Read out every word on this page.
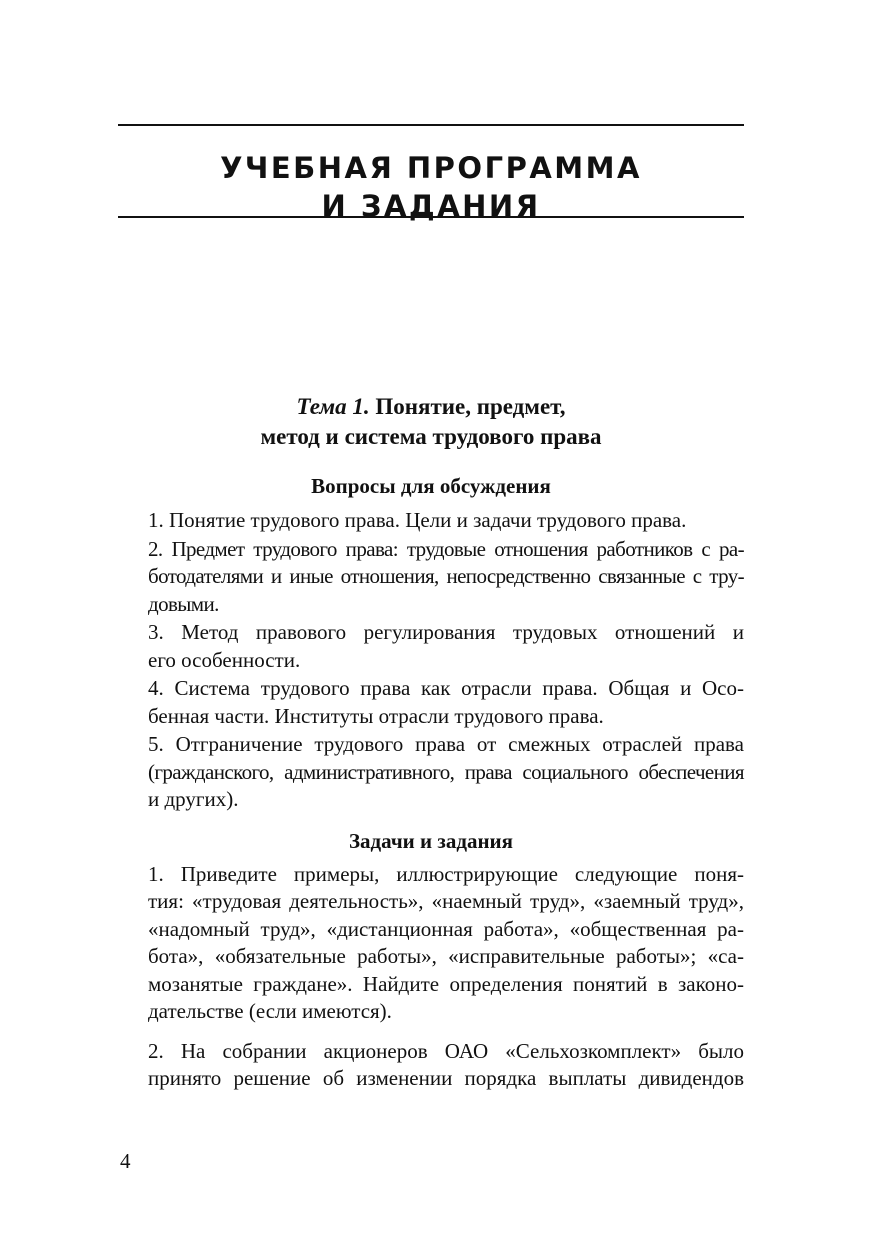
УЧЕБНАЯ ПРОГРАММА
И ЗАДАНИЯ
Тема 1. Понятие, предмет,
метод и система трудового права
Вопросы для обсуждения

1. Понятие трудового права. Цели и задачи трудового права.

2. Предмет трудового права: трудовые отношения работников с ра-
ботодателями и иные отношения, непосредственно связанные с тру-
довыми.

3. Метод правового регулирования трудовых отношений и
его особенности.

4. Система трудового права как отрасли права. Общая и Осо-
бенная части. Институты отрасли трудового права.

5. Отграничение трудового права от смежных отраслей права
(гражданского, административного, права социального обеспечения
и других).

Задачи и задания

1. Приведите примеры, иллюстрирующие следующие поня-
тия: «трудовая деятельность», «наемный труд», «заемный труд»,
«надомный труд», «дистанционная работа», «общественная ра-
бота», «обязательные работы», «исправительные работы»; «са-
мозанятые граждане». Найдите определения понятий в законо-
дательстве (если имеются).

2. На собрании акционеров ОАО «Сельхозкомплект» было
принято решение об изменении порядка выплаты дивидендов

4
